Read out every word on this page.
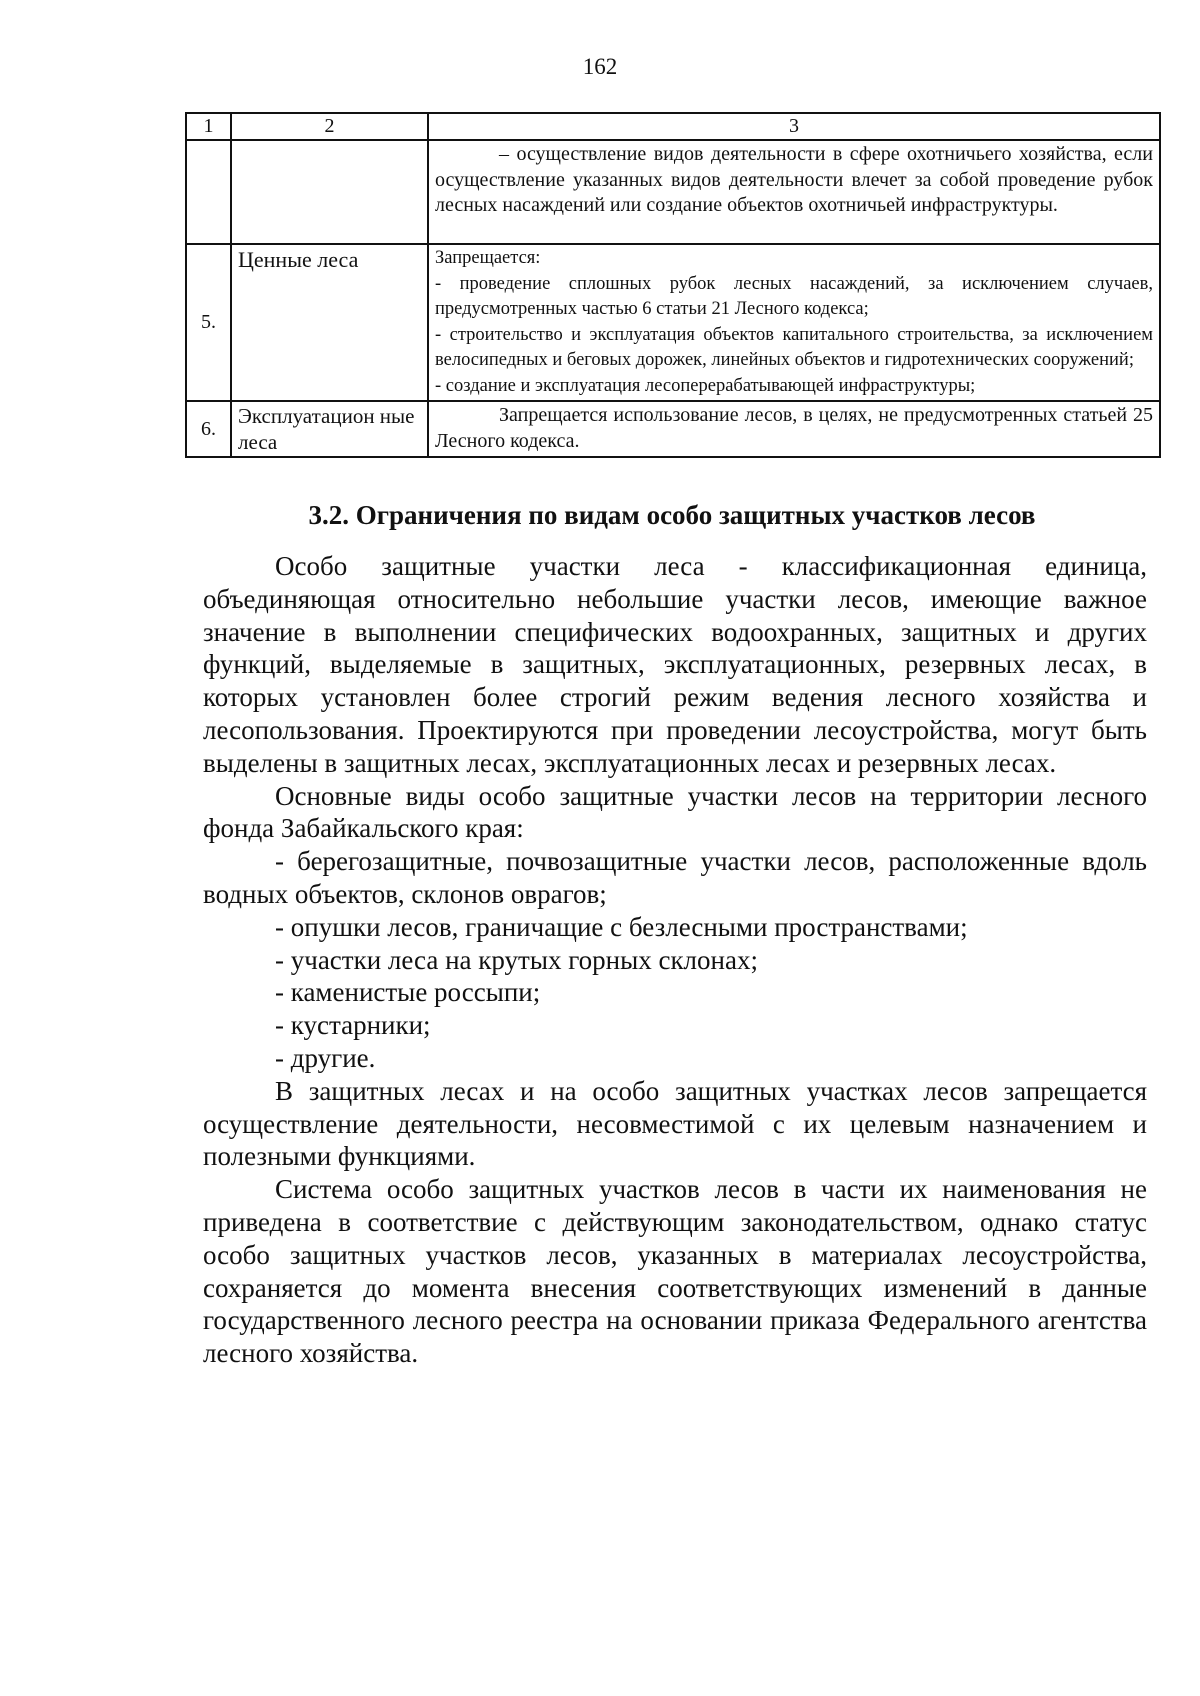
162
1	2	3
		– осуществление видов деятельности в сфере охотничьего хозяйства, если осуществление указанных видов деятельности влечет за собой проведение рубок лесных насаждений или создание объектов охотничьей инфраструктуры.
5.	Ценные леса	Запрещается:
- проведение сплошных рубок лесных насаждений, за исключением случаев, предусмотренных частью 6 статьи 21 Лесного кодекса;
- строительство и эксплуатация объектов капитального строительства, за исключением велосипедных и беговых дорожек, линейных объектов и гидротехнических сооружений;
- создание и эксплуатация лесоперерабатывающей инфраструктуры;

6.	Эксплуатацион ные леса	Запрещается использование лесов, в целях, не предусмотренных статьей 25 Лесного кодекса.
3.2. Ограничения по видам особо защитных участков лесов

Особо защитные участки леса - классификационная единица, объединяющая относительно небольшие участки лесов, имеющие важное значение в выполнении специфических водоохранных, защитных и других функций, выделяемые в защитных, эксплуатационных, резервных лесах, в которых установлен более строгий режим ведения лесного хозяйства и лесопользования. Проектируются при проведении лесоустройства, могут быть выделены в защитных лесах, эксплуатационных лесах и резервных лесах.

Основные виды особо защитные участки лесов на территории лесного фонда Забайкальского края:

- берегозащитные, почвозащитные участки лесов, расположенные вдоль водных объектов, склонов оврагов;

- опушки лесов, граничащие с безлесными пространствами;

- участки леса на крутых горных склонах;

- каменистые россыпи;

- кустарники;

- другие.

В защитных лесах и на особо защитных участках лесов запрещается осуществление деятельности, несовместимой с их целевым назначением и полезными функциями.

Система особо защитных участков лесов в части их наименования не приведена в соответствие с действующим законодательством, однако статус особо защитных участков лесов, указанных в материалах лесоустройства, сохраняется до момента внесения соответствующих изменений в данные государственного лесного реестра на основании приказа Федерального агентства лесного хозяйства.
